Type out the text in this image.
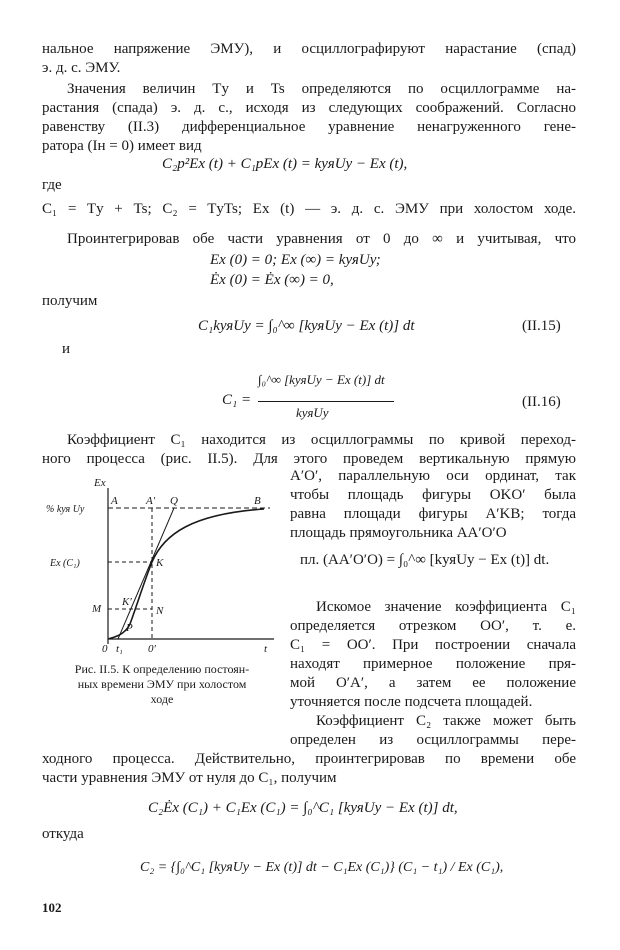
нальное напряжение ЭМУ), и осциллографируют нарастание (спад)
э. д. с. ЭМУ.
Значения величин Tу и Ts определяются по осциллограмме на-
растания (спада) э. д. с., исходя из следующих соображений. Согласно
равенству (II.3) дифференциальное уравнение ненагруженного гене-
ратора (Iн = 0) имеет вид
C₂p²Eх (t) + C₁pEх (t) = kуяUу − Eх (t),
где
C₁ = Tу + Ts; C₂ = TуTs; Eх (t) — э. д. с. ЭМУ при холостом ходе.
Проинтегрировав обе части уравнения от 0 до ∞ и учитывая, что
Eх (0) = 0; Eх (∞) = kуяUу;
Ėх (0) = Ėх (∞) = 0,
получим
C₁kуяUу = ∫₀^∞ [kуяUу − Eх (t)] dt	(II.15)
и
C₁ =
∫₀^∞ [kуяUу − Eх (t)] dt
kуяUу
(II.16)
Коэффициент C₁ находится из осциллограммы по кривой переход-
ного процесса (рис. II.5). Для этого проведем вертикальную прямую
A′O′, параллельную оси ординат, так
чтобы площадь фигуры OKO′ была
равна площади фигуры A′KB; тогда
площадь прямоугольника AA′O′O
пл. (AA′O′O) = ∫₀^∞ [kуяUу − Eх (t)] dt.
Искомое значение коэффициента C₁
определяется отрезком OO′, т. е.
C₁ = OO′. При построении сначала
находят примерное положение пря-
мой O′A′, а затем ее положение
уточняется после подсчета площадей.
Коэффициент C₂ также может быть
определен из осциллограммы пере-
ходного процесса. Действительно, проинтегрировав по времени обе
части уравнения ЭМУ от нуля до C₁, получим
C₂Ėх (C₁) + C₁Eх (C₁) = ∫₀^C₁ [kуяUу − Eх (t)] dt,
откуда
C₂ = {∫₀^C₁ [kуяUу − Eх (t)] dt − C₁Eх (C₁)} (C₁ − t₁) / Eх (C₁),
102
Eх
% kуя Uу
Eх (C₁)
M
A	A′ Q	B
K
K′
N
P
0 t₁ 0′	t
Рис. II.5. К определению постоян-
ных времени ЭМУ при холостом
ходе
